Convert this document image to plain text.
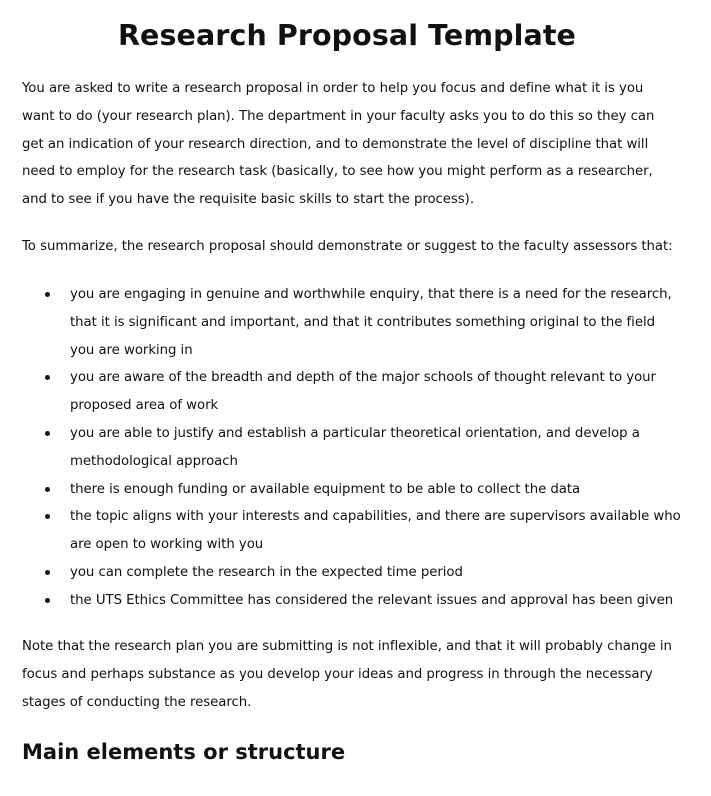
Research Proposal Template

You are asked to write a research proposal in order to help you focus and define what it is you
want to do (your research plan). The department in your faculty asks you to do this so they can
get an indication of your research direction, and to demonstrate the level of discipline that will
need to employ for the research task (basically, to see how you might perform as a researcher,
and to see if you have the requisite basic skills to start the process).

To summarize, the research proposal should demonstrate or suggest to the faculty assessors that:

you are engaging in genuine and worthwhile enquiry, that there is a need for the research,
that it is significant and important, and that it contributes something original to the field
you are working in
you are aware of the breadth and depth of the major schools of thought relevant to your
proposed area of work
you are able to justify and establish a particular theoretical orientation, and develop a
methodological approach
there is enough funding or available equipment to be able to collect the data
the topic aligns with your interests and capabilities, and there are supervisors available who
are open to working with you
you can complete the research in the expected time period
the UTS Ethics Committee has considered the relevant issues and approval has been given

Note that the research plan you are submitting is not inflexible, and that it will probably change in
focus and perhaps substance as you develop your ideas and progress in through the necessary
stages of conducting the research.

Main elements or structure
